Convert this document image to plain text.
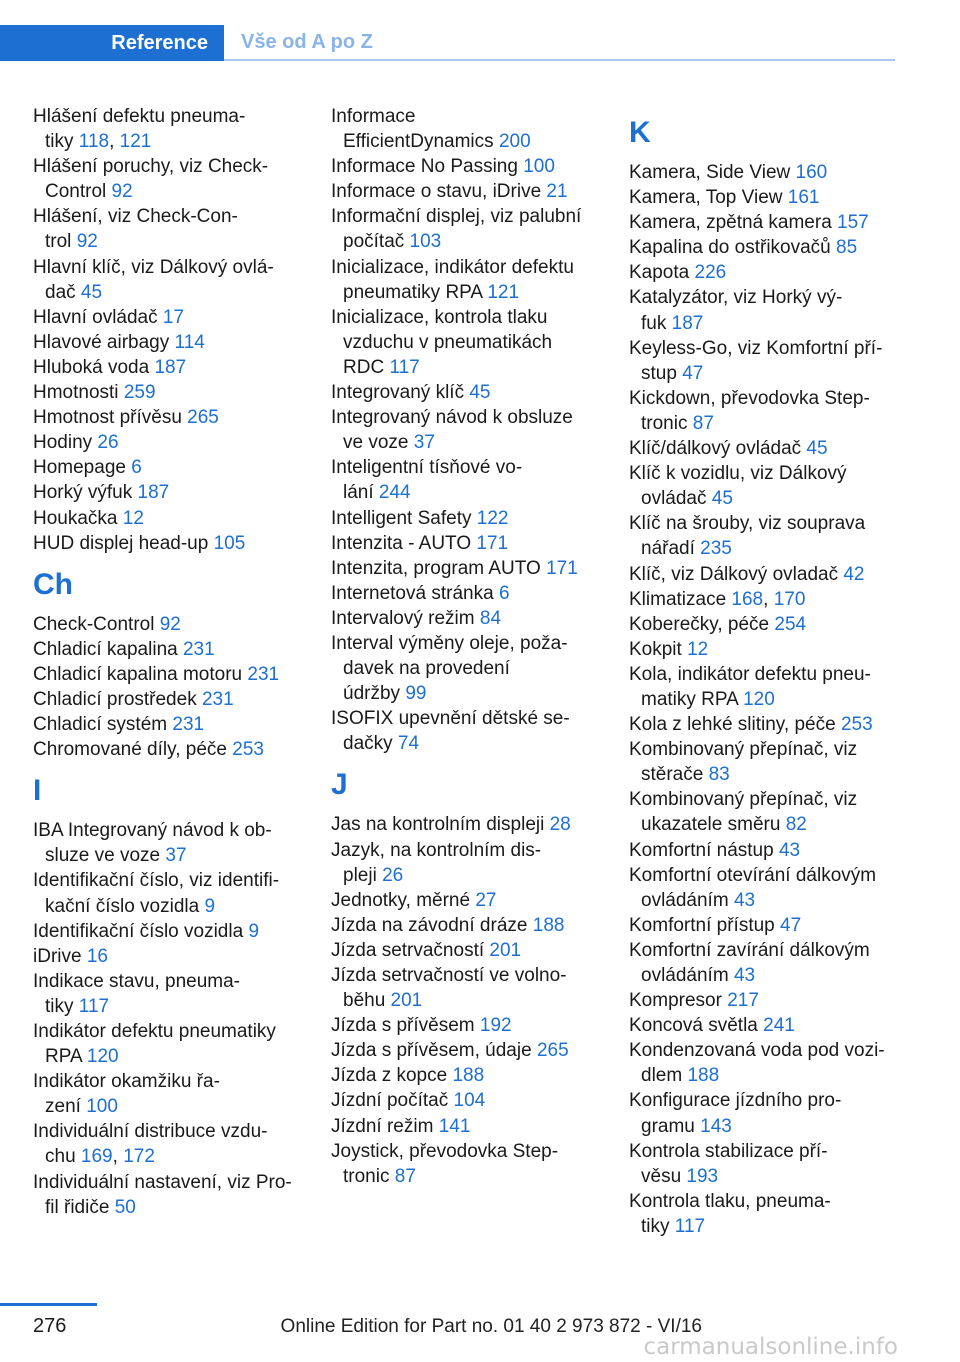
Reference	Vše od A po Z
Hlášení defektu pneuma‐
tiky 118, 121
Hlášení poruchy, viz Check-
Control 92
Hlášení, viz Check-Con‐
trol 92
Hlavní klíč, viz Dálkový ovlá‐
dač 45
Hlavní ovládač 17
Hlavové airbagy 114
Hluboká voda 187
Hmotnosti 259
Hmotnost přívěsu 265
Hodiny 26
Homepage 6
Horký výfuk 187
Houkačka 12
HUD displej head-up 105
Ch
Check-Control 92
Chladicí kapalina 231
Chladicí kapalina motoru 231
Chladicí prostředek 231
Chladicí systém 231
Chromované díly, péče 253
I
IBA Integrovaný návod k ob‐
sluze ve voze 37
Identifikační číslo, viz identifi‐
kační číslo vozidla 9
Identifikační číslo vozidla 9
iDrive 16
Indikace stavu, pneuma‐
tiky 117
Indikátor defektu pneumatiky
RPA 120
Indikátor okamžiku řa‐
zení 100
Individuální distribuce vzdu‐
chu 169, 172
Individuální nastavení, viz Pro‐
fil řidiče 50
Informace
EfficientDynamics 200
Informace No Passing 100
Informace o stavu, iDrive 21
Informační displej, viz palubní
počítač 103
Inicializace, indikátor defektu
pneumatiky RPA 121
Inicializace, kontrola tlaku
vzduchu v pneumatikách
RDC 117
Integrovaný klíč 45
Integrovaný návod k obsluze
ve voze 37
Inteligentní tísňové vo‐
lání 244
Intelligent Safety 122
Intenzita - AUTO 171
Intenzita, program AUTO 171
Internetová stránka 6
Intervalový režim 84
Interval výměny oleje, poža‐
davek na provedení
údržby 99
ISOFIX upevnění dětské se‐
dačky 74
J
Jas na kontrolním displeji 28
Jazyk, na kontrolním dis‐
pleji 26
Jednotky, měrné 27
Jízda na závodní dráze 188
Jízda setrvačností 201
Jízda setrvačností ve volno‐
běhu 201
Jízda s přívěsem 192
Jízda s přívěsem, údaje 265
Jízda z kopce 188
Jízdní počítač 104
Jízdní režim 141
Joystick, převodovka Step‐
tronic 87
K
Kamera, Side View 160
Kamera, Top View 161
Kamera, zpětná kamera 157
Kapalina do ostřikovačů 85
Kapota 226
Katalyzátor, viz Horký vý‐
fuk 187
Keyless-Go, viz Komfortní pří‐
stup 47
Kickdown, převodovka Step‐
tronic 87
Klíč/dálkový ovládač 45
Klíč k vozidlu, viz Dálkový
ovládač 45
Klíč na šrouby, viz souprava
nářadí 235
Klíč, viz Dálkový ovladač 42
Klimatizace 168, 170
Koberečky, péče 254
Kokpit 12
Kola, indikátor defektu pneu‐
matiky RPA 120
Kola z lehké slitiny, péče 253
Kombinovaný přepínač, viz
stěrače 83
Kombinovaný přepínač, viz
ukazatele směru 82
Komfortní nástup 43
Komfortní otevírání dálkovým
ovládáním 43
Komfortní přístup 47
Komfortní zavírání dálkovým
ovládáním 43
Kompresor 217
Koncová světla 241
Kondenzovaná voda pod vozi‐
dlem 188
Konfigurace jízdního pro‐
gramu 143
Kontrola stabilizace pří‐
věsu 193
Kontrola tlaku, pneuma‐
tiky 117
276	Online Edition for Part no. 01 40 2 973 872 - VI/16
carmanualsonline.info
